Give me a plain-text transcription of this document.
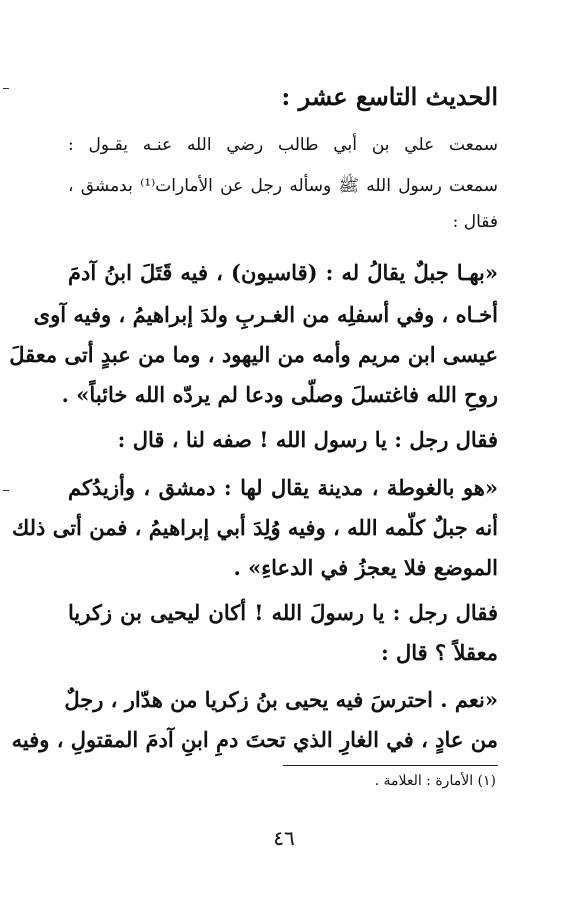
الحديث التاسع عشر :
سمعت علي بن أبي طالب رضي الله عنـه يقـول :
سمعت رسول الله ﷺ وسأله رجل عن الأمارات⁽¹⁾ بدمشق ،
فقال :
«بهـا جبلٌ يقالُ له : (قاسيون) ، فيه قَتَلَ ابنُ آدمَ
أخـاه ، وفي أسفلِه من الغـربِ ولدَ إبراهيمُ ، وفيه آوى
عيسى ابن مريم وأمه من اليهود ، وما من عبدٍ أتى معقلَ
روحِ الله فاغتسلَ وصلّى ودعا لم يردّه الله خائباً» .
فقال رجل : يا رسول الله ! صفه لنا ، قال :
«هو بالغوطة ، مدينة يقال لها : دمشق ، وأزيدُكم
أنه جبلٌ كلّمه الله ، وفيه وُلِدَ أبي إبراهيمُ ، فمن أتى ذلك
الموضع فلا يعجزُ في الدعاءِ» .
فقال رجل : يا رسولَ الله ! أكان ليحيى بن زكريا
معقلاً ؟ قال :
«نعم . احترسَ فيه يحيى بنُ زكريا من هدّار ، رجلٌ
من عادٍ ، في الغارِ الذي تحتَ دمِ ابنِ آدمَ المقتولِ ، وفيه
(١) الأمارة : العلامة .
٤٦
